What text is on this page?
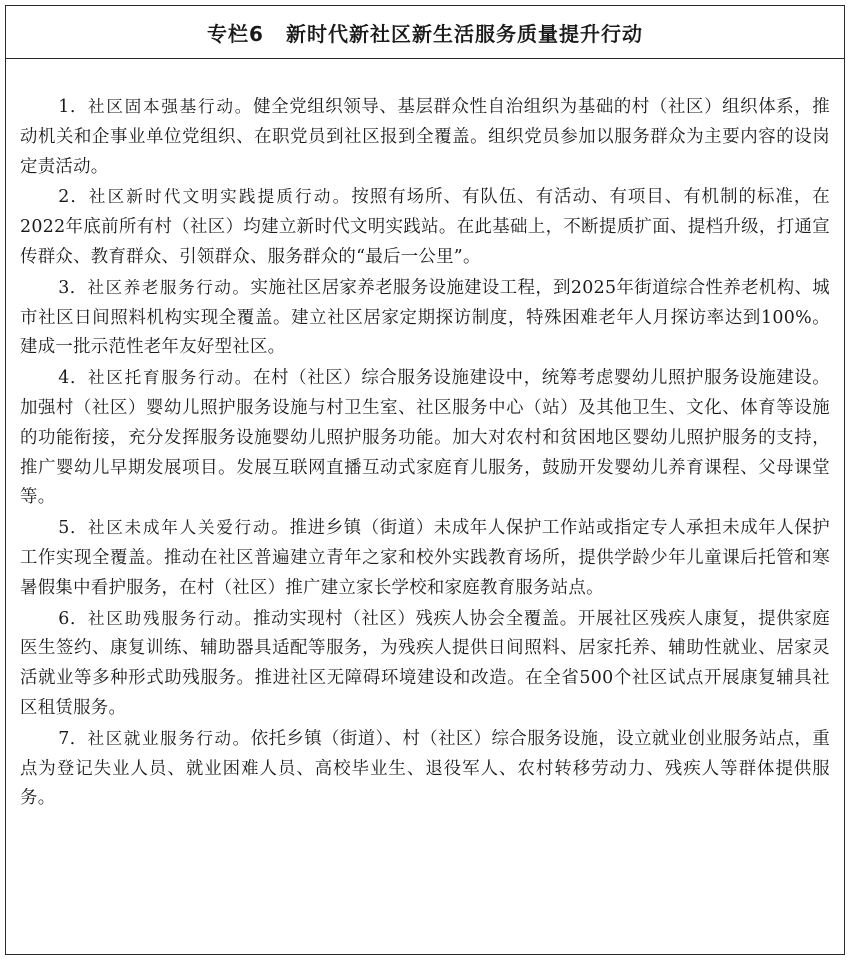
专栏6 新时代新社区新生活服务质量提升行动

1．社区固本强基行动。健全党组织领导、基层群众性自治组织为基础的村（社区）组织体系，推动机关和企事业单位党组织、在职党员到社区报到全覆盖。组织党员参加以服务群众为主要内容的设岗定责活动。

2．社区新时代文明实践提质行动。按照有场所、有队伍、有活动、有项目、有机制的标准，在2022年底前所有村（社区）均建立新时代文明实践站。在此基础上，不断提质扩面、提档升级，打通宣传群众、教育群众、引领群众、服务群众的“最后一公里”。

3．社区养老服务行动。实施社区居家养老服务设施建设工程，到2025年街道综合性养老机构、城市社区日间照料机构实现全覆盖。建立社区居家定期探访制度，特殊困难老年人月探访率达到100%。建成一批示范性老年友好型社区。

4．社区托育服务行动。在村（社区）综合服务设施建设中，统筹考虑婴幼儿照护服务设施建设。加强村（社区）婴幼儿照护服务设施与村卫生室、社区服务中心（站）及其他卫生、文化、体育等设施的功能衔接，充分发挥服务设施婴幼儿照护服务功能。加大对农村和贫困地区婴幼儿照护服务的支持，推广婴幼儿早期发展项目。发展互联网直播互动式家庭育儿服务，鼓励开发婴幼儿养育课程、父母课堂等。

5．社区未成年人关爱行动。推进乡镇（街道）未成年人保护工作站或指定专人承担未成年人保护工作实现全覆盖。推动在社区普遍建立青年之家和校外实践教育场所，提供学龄少年儿童课后托管和寒暑假集中看护服务，在村（社区）推广建立家长学校和家庭教育服务站点。

6．社区助残服务行动。推动实现村（社区）残疾人协会全覆盖。开展社区残疾人康复，提供家庭医生签约、康复训练、辅助器具适配等服务，为残疾人提供日间照料、居家托养、辅助性就业、居家灵活就业等多种形式助残服务。推进社区无障碍环境建设和改造。在全省500个社区试点开展康复辅具社区租赁服务。

7．社区就业服务行动。依托乡镇（街道）、村（社区）综合服务设施，设立就业创业服务站点，重点为登记失业人员、就业困难人员、高校毕业生、退役军人、农村转移劳动力、残疾人等群体提供服务。
